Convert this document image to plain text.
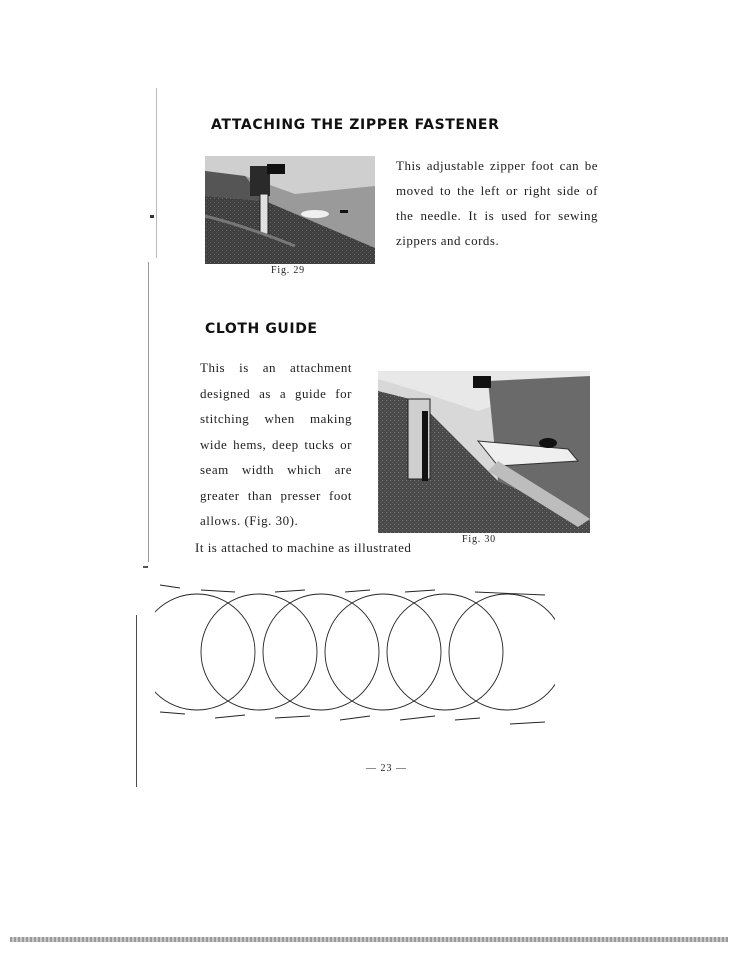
ATTACHING THE ZIPPER FASTENER
Fig. 29
This adjustable zipper foot can be
moved to the left or right side of
the needle. It is used for sewing
zippers and cords.
CLOTH GUIDE
This is an attachment
designed as a guide for
stitching when making
wide hems, deep tucks or
seam width which are
greater than presser foot
allows. (Fig. 30).
Fig. 30
It is attached to machine as illustrated
— 23 —
